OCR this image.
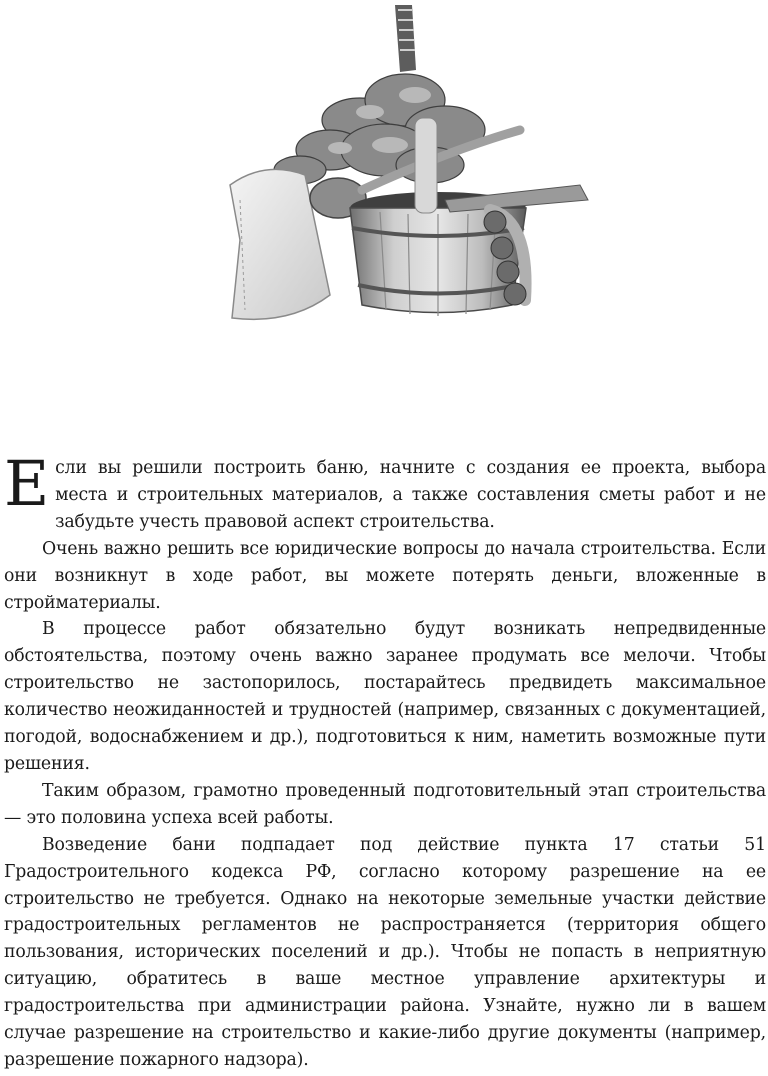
Если вы решили построить баню, начните с создания ее проекта, выбора места и строительных материалов, а также составления сметы работ и не забудьте учесть правовой аспект строительства.

Очень важно решить все юридические вопросы до начала строительства. Если они возникнут в ходе работ, вы можете потерять деньги, вложенные в стройматериалы.

В процессе работ обязательно будут возникать непредвиденные обстоятельства, поэтому очень важно заранее продумать все мелочи. Чтобы строительство не застопорилось, постарайтесь предвидеть максимальное количество неожиданностей и трудностей (например, связанных с документацией, погодой, водоснабжением и др.), подготовиться к ним, наметить возможные пути решения.

Таким образом, грамотно проведенный подготовительный этап строительства — это половина успеха всей работы.

Возведение бани подпадает под действие пункта 17 статьи 51 Градостроительного кодекса РФ, согласно которому разрешение на ее строительство не требуется. Однако на некоторые земельные участки действие градостроительных регламентов не распространяется (территория общего пользования, исторических поселений и др.). Чтобы не попасть в неприятную ситуацию, обратитесь в ваше местное управление архитектуры и градостроительства при администрации района. Узнайте, нужно ли в вашем случае разрешение на строительство и какие-либо другие документы (например, разрешение пожарного надзора).
